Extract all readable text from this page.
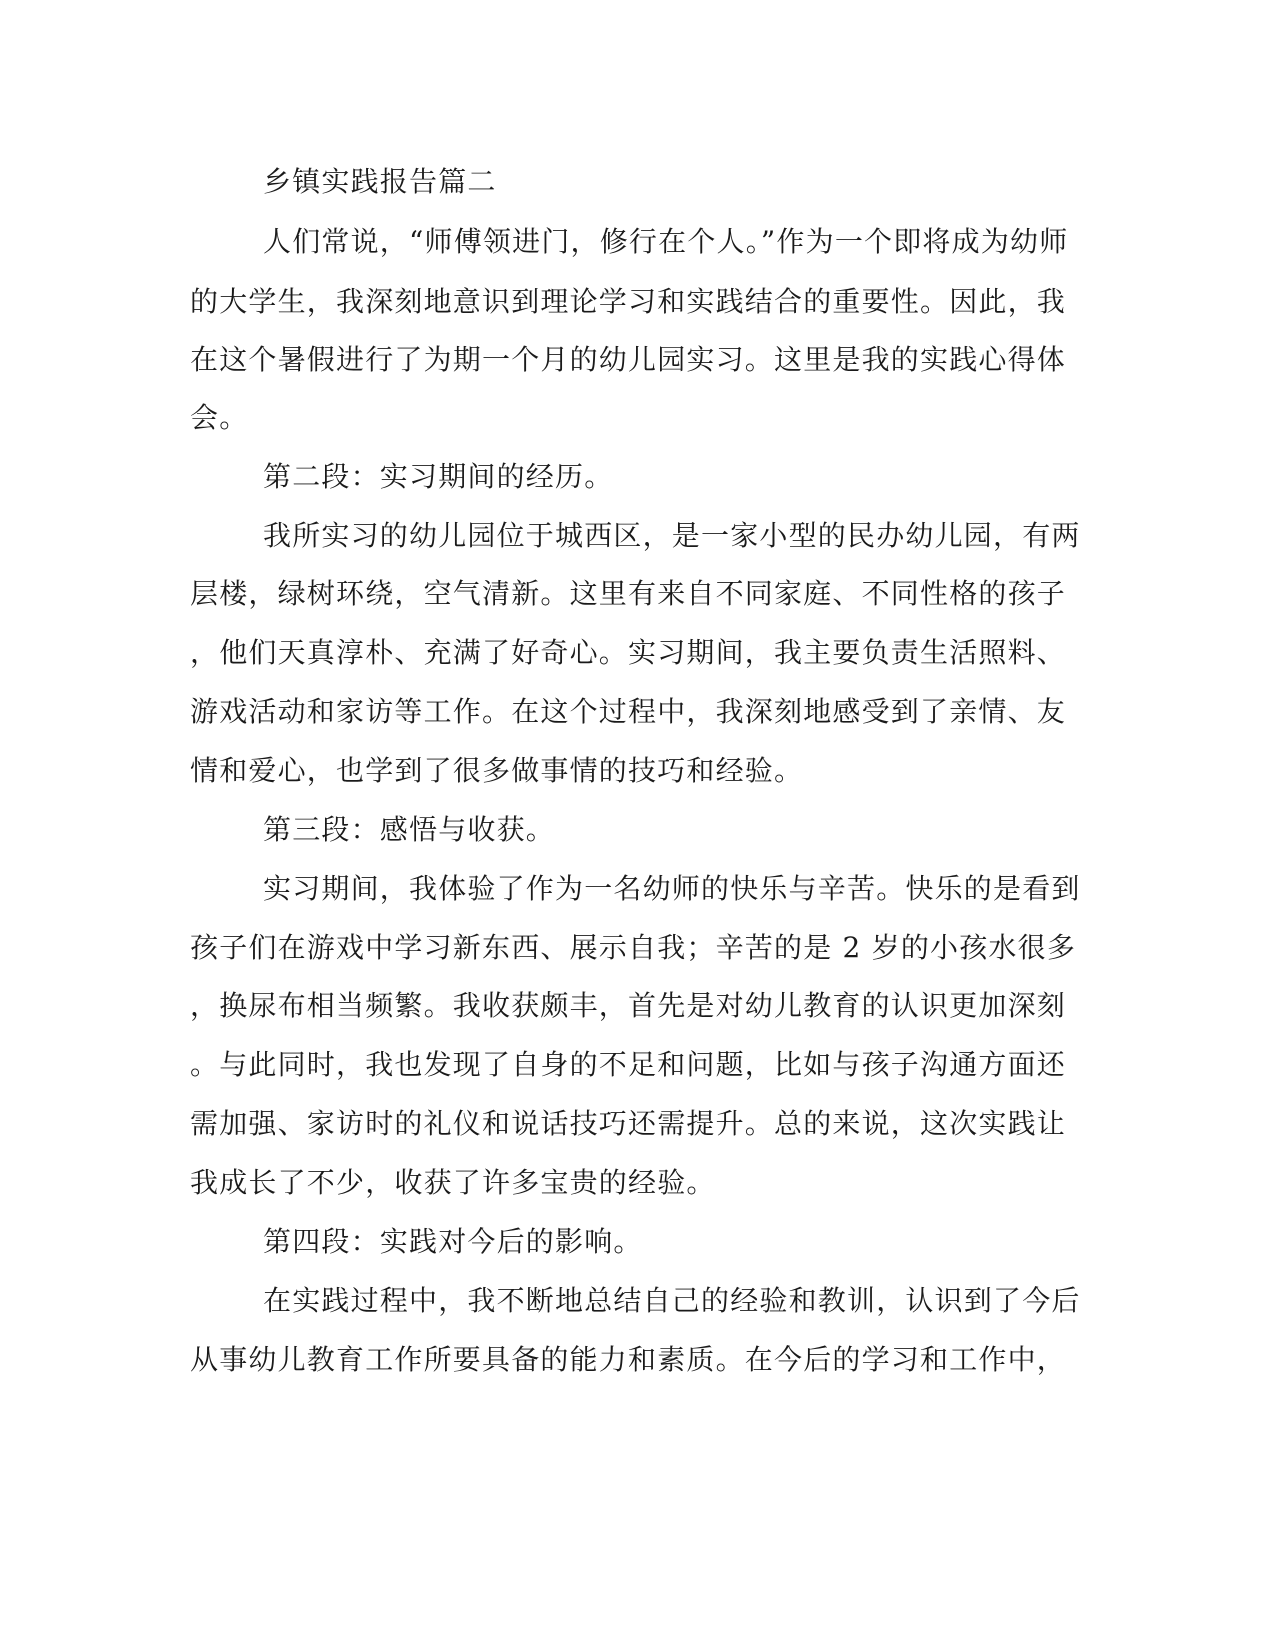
乡镇实践报告篇二
人们常说，“师傅领进门，修行在个人。”作为一个即将成为幼师
的大学生，我深刻地意识到理论学习和实践结合的重要性。因此，我
在这个暑假进行了为期一个月的幼儿园实习。这里是我的实践心得体
会。
第二段：实习期间的经历。
我所实习的幼儿园位于城西区，是一家小型的民办幼儿园，有两
层楼，绿树环绕，空气清新。这里有来自不同家庭、不同性格的孩子
，他们天真淳朴、充满了好奇心。实习期间，我主要负责生活照料、
游戏活动和家访等工作。在这个过程中，我深刻地感受到了亲情、友
情和爱心，也学到了很多做事情的技巧和经验。
第三段：感悟与收获。
实习期间，我体验了作为一名幼师的快乐与辛苦。快乐的是看到
孩子们在游戏中学习新东西、展示自我；辛苦的是 2 岁的小孩水很多
，换尿布相当频繁。我收获颇丰，首先是对幼儿教育的认识更加深刻
。与此同时，我也发现了自身的不足和问题，比如与孩子沟通方面还
需加强、家访时的礼仪和说话技巧还需提升。总的来说，这次实践让
我成长了不少，收获了许多宝贵的经验。
第四段：实践对今后的影响。
在实践过程中，我不断地总结自己的经验和教训，认识到了今后
从事幼儿教育工作所要具备的能力和素质。在今后的学习和工作中，
